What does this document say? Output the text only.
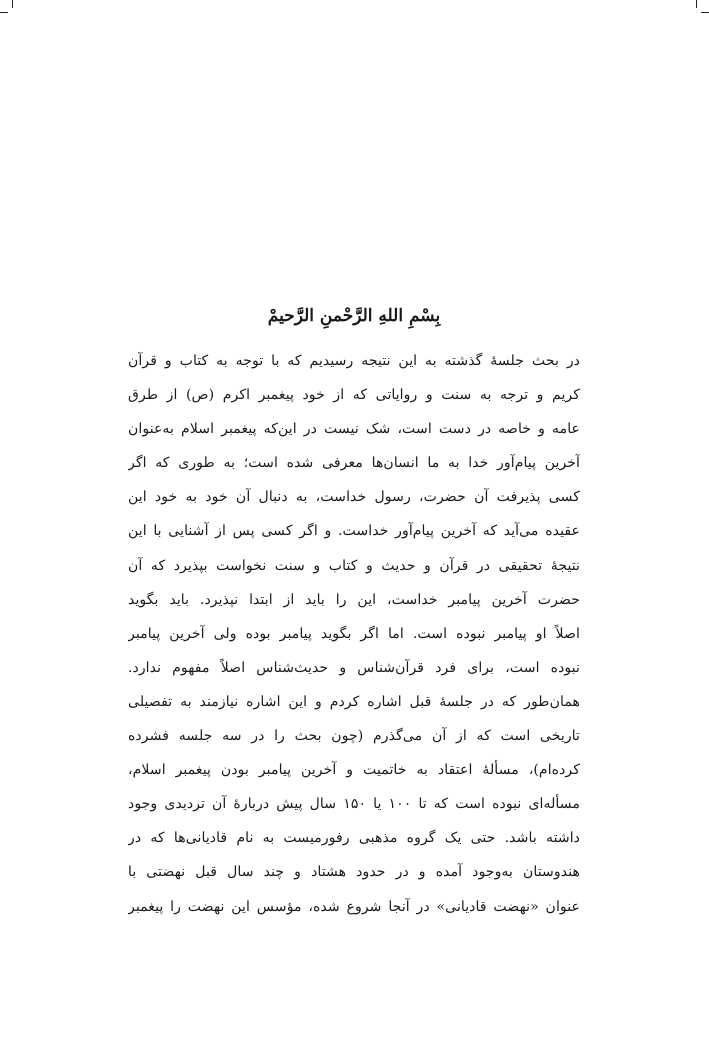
بِسْمِ اللهِ الرَّحْمنِ الرَّحیمْ
در بحث جلسۀ گذشته به این نتیجه رسیدیم که با توجه به کتاب و قرآن
کریم و ترجه به سنت و روایاتی که از خود پیغمبر اکرم (ص) از طرق
عامه و خاصه در دست است، شک نیست در این‌که پیغمبر اسلام به‌عنوان
آخرین پیام‌آور خدا به ما انسان‌ها معرفی شده است؛ به طوری که اگر
کسی پذیرفت آن حضرت، رسول خداست، به دنبال آن خود به خود این
عقیده می‌آید که آخرین پیام‌آور خداست. و اگر کسی پس از آشنایی با این
نتیجۀ تحقیقی در قرآن و حدیث و کتاب و سنت نخواست بپذیرد که آن
حضرت آخرین پیامبر خداست، این را باید از ابتدا نپذیرد. باید بگوید
اصلاً او پیامبر نبوده است. اما اگر بگوید پیامبر بوده ولی آخرین پیامبر
نبوده است، برای فرد قرآن‌شناس و حدیث‌شناس اصلاً مفهوم ندارد.
همان‌طور که در جلسۀ قبل اشاره کردم و این اشاره نیازمند به تفصیلی
تاریخی است که از آن می‌گذرم (چون بحث را در سه جلسه فشرده
کرده‌ام)، مسألۀ اعتقاد به خاتمیت و آخرین پیامبر بودن پیغمبر اسلام،
مسأله‌ای نبوده است که تا ۱۰۰ یا ۱۵۰ سال پیش دربارۀ آن تردیدی وجود
داشته باشد. حتی یک گروه مذهبی رفورمیست به نام قادیانی‌ها که در
هندوستان به‌وجود آمده و در حدود هشتاد و چند سال قبل نهضتی با
عنوان «نهضت قادیانی» در آنجا شروع شده، مؤسس این نهضت را پیغمبر
